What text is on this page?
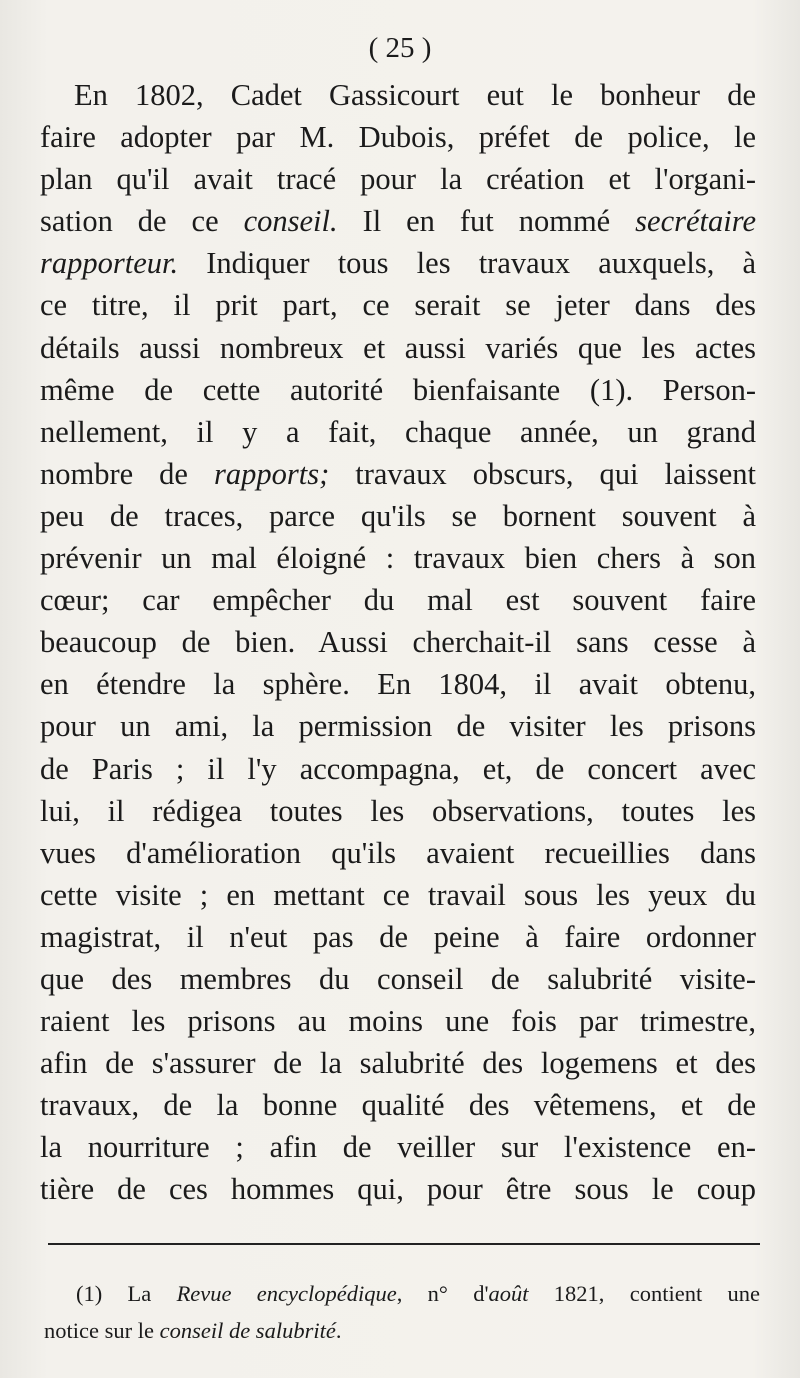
( 25 )
En 1802, Cadet Gassicourt eut le bonheur de
faire adopter par M. Dubois, préfet de police, le
plan qu'il avait tracé pour la création et l'organi-
sation de ce conseil. Il en fut nommé secrétaire
rapporteur. Indiquer tous les travaux auxquels, à
ce titre, il prit part, ce serait se jeter dans des
détails aussi nombreux et aussi variés que les actes
même de cette autorité bienfaisante (1). Person-
nellement, il y a fait, chaque année, un grand
nombre de rapports; travaux obscurs, qui laissent
peu de traces, parce qu'ils se bornent souvent à
prévenir un mal éloigné : travaux bien chers à son
cœur; car empêcher du mal est souvent faire
beaucoup de bien. Aussi cherchait-il sans cesse à
en étendre la sphère. En 1804, il avait obtenu,
pour un ami, la permission de visiter les prisons
de Paris ; il l'y accompagna, et, de concert avec
lui, il rédigea toutes les observations, toutes les
vues d'amélioration qu'ils avaient recueillies dans
cette visite ; en mettant ce travail sous les yeux du
magistrat, il n'eut pas de peine à faire ordonner
que des membres du conseil de salubrité visite-
raient les prisons au moins une fois par trimestre,
afin de s'assurer de la salubrité des logemens et des
travaux, de la bonne qualité des vêtemens, et de
la nourriture ; afin de veiller sur l'existence en-
tière de ces hommes qui, pour être sous le coup
(1) La Revue encyclopédique, n° d'août 1821, contient une
notice sur le conseil de salubrité.
